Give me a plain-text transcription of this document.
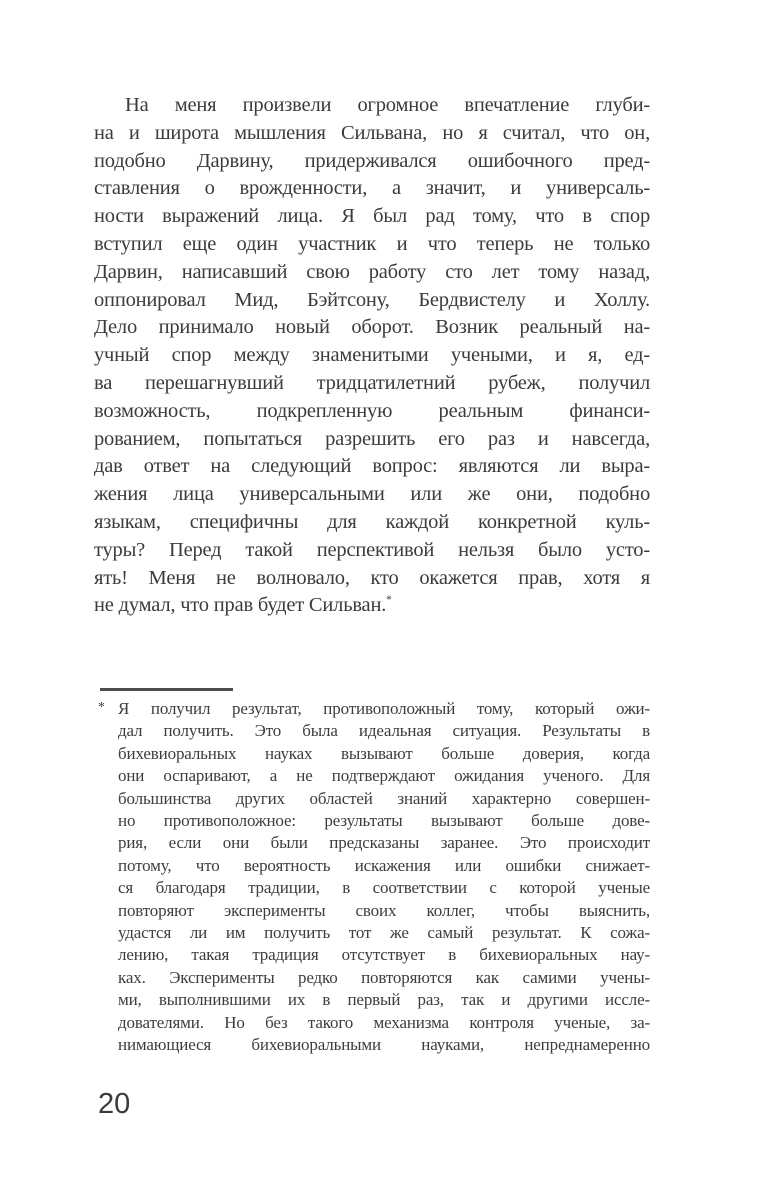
На меня произвели огромное впечатление глуби-
на и широта мышления Сильвана, но я считал, что он,
подобно Дарвину, придерживался ошибочного пред-
ставления о врожденности, а значит, и универсаль-
ности выражений лица. Я был рад тому, что в спор
вступил еще один участник и что теперь не только
Дарвин, написавший свою работу сто лет тому назад,
оппонировал Мид, Бэйтсону, Бердвистелу и Холлу.
Дело принимало новый оборот. Возник реальный на-
учный спор между знаменитыми учеными, и я, ед-
ва перешагнувший тридцатилетний рубеж, получил
возможность, подкрепленную реальным финанси-
рованием, попытаться разрешить его раз и навсегда,
дав ответ на следующий вопрос: являются ли выра-
жения лица универсальными или же они, подобно
языкам, специфичны для каждой конкретной куль-
туры? Перед такой перспективой нельзя было усто-
ять! Меня не волновало, кто окажется прав, хотя я
не думал, что прав будет Сильван.*
* Я получил результат, противоположный тому, который ожи-
дал получить. Это была идеальная ситуация. Результаты в
бихевиоральных науках вызывают больше доверия, когда
они оспаривают, а не подтверждают ожидания ученого. Для
большинства других областей знаний характерно совершен-
но противоположное: результаты вызывают больше дове-
рия, если они были предсказаны заранее. Это происходит
потому, что вероятность искажения или ошибки снижает-
ся благодаря традиции, в соответствии с которой ученые
повторяют эксперименты своих коллег, чтобы выяснить,
удастся ли им получить тот же самый результат. К сожа-
лению, такая традиция отсутствует в бихевиоральных нау-
ках. Эксперименты редко повторяются как самими учены-
ми, выполнившими их в первый раз, так и другими иссле-
дователями. Но без такого механизма контроля ученые, за-
нимающиеся бихевиоральными науками, непреднамеренно
20
